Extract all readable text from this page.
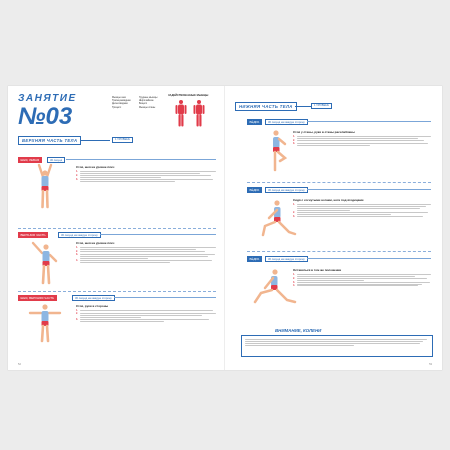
ЗАНЯТИЕ
№03
Мышцы шеи
Трапециевидная
Дельтовидная
Трицепс
Грудные мышцы
Широчайшие
Бицепс
Мышцы спины
ЗАДЕЙСТВОВАННЫЕ МЫШЦЫ
ВЕРХНЯЯ ЧАСТЬ ТЕЛА	1 УРОВЕНЬ
ШЕЯ, ЛЕВАЯ	30 секунд
Стоя, шея на уровне плеч
1.
2.
3.
ВЕРХНЯЯ ЧАСТЬ	30 секунд на каждую сторону
Стоя, шея на уровне плеч
1.
2.
3.
4.
ШЕЯ, ВЕРХНЯЯ ЧАСТЬ	30 секунд на каждую сторону
Стоя, руки в стороны
1.
2.
3.
52
НИЖНЯЯ ЧАСТЬ ТЕЛА	1 УРОВЕНЬ
БЁДРА	30 секунд на каждую сторону
Стоя у стены, руки в стены расслаблены
1.
2.
3.
БЁДРА	30 секунд на каждую сторону
Сидя с согнутыми ногами, ноги под ягодицами
1.
2.
3.
БЁДРА	30 секунд на каждую сторону
Оставаться в том же положении
1.
2.
3.
4.
ВНИМАНИЕ, КОЛЕНИ
53
